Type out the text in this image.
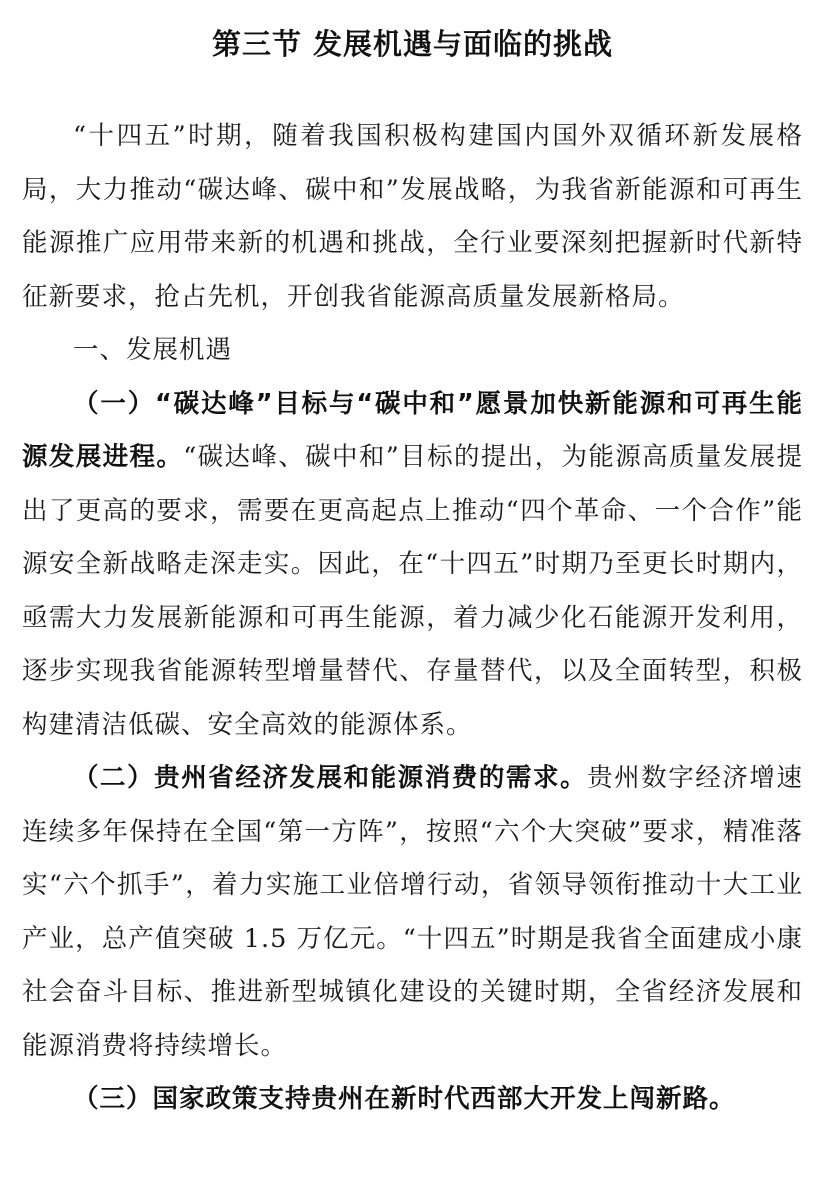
第三节 发展机遇与面临的挑战

“十四五”时期，随着我国积极构建国内国外双循环新发展格局，大力推动“碳达峰、碳中和”发展战略，为我省新能源和可再生能源推广应用带来新的机遇和挑战，全行业要深刻把握新时代新特征新要求，抢占先机，开创我省能源高质量发展新格局。

一、发展机遇

（一）“碳达峰”目标与“碳中和”愿景加快新能源和可再生能源发展进程。“碳达峰、碳中和”目标的提出，为能源高质量发展提出了更高的要求，需要在更高起点上推动“四个革命、一个合作”能源安全新战略走深走实。因此，在“十四五”时期乃至更长时期内，亟需大力发展新能源和可再生能源，着力减少化石能源开发利用，逐步实现我省能源转型增量替代、存量替代，以及全面转型，积极构建清洁低碳、安全高效的能源体系。

（二）贵州省经济发展和能源消费的需求。贵州数字经济增速连续多年保持在全国“第一方阵”，按照“六个大突破”要求，精准落实“六个抓手”，着力实施工业倍增行动，省领导领衔推动十大工业产业，总产值突破 1.5 万亿元。“十四五”时期是我省全面建成小康社会奋斗目标、推进新型城镇化建设的关键时期，全省经济发展和能源消费将持续增长。

（三）国家政策支持贵州在新时代西部大开发上闯新路。
